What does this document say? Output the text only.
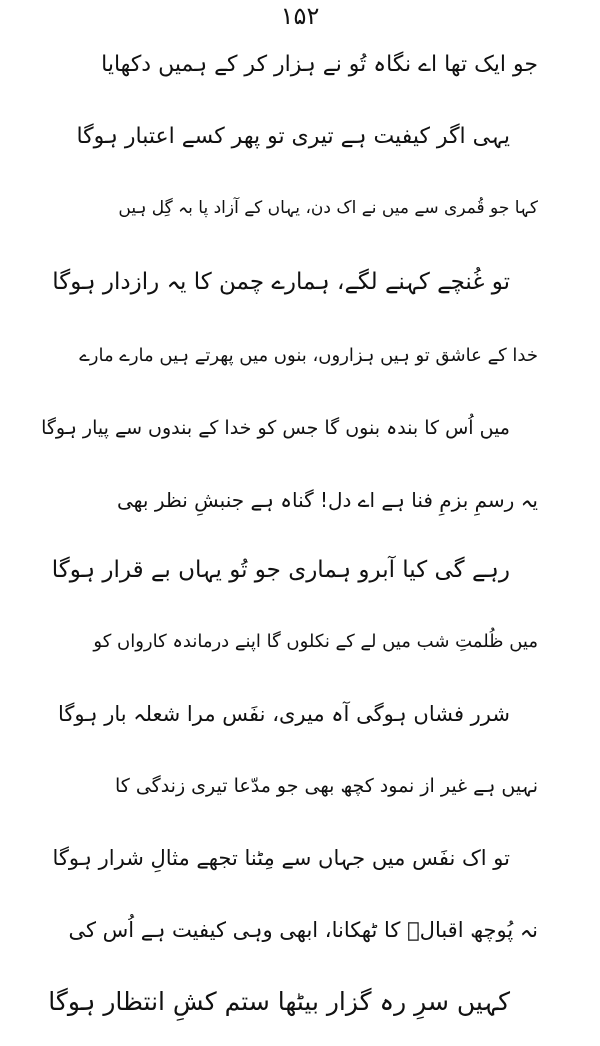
۱۵۲
جو ایک تھا اے نگاہ تُو نے ہزار کر کے ہمیں دکھایا
یہی اگر کیفیت ہے تیری تو پھر کسے اعتبار ہوگا
کہا جو قُمری سے میں نے اک دن، یہاں کے آزاد پا بہ گِل ہیں
تو غُنچے کہنے لگے، ہمارے چمن کا یہ رازدار ہوگا
خدا کے عاشق تو ہیں ہزاروں، بنوں میں پھرتے ہیں مارے مارے
میں اُس کا بندہ بنوں گا جس کو خدا کے بندوں سے پیار ہوگا
یہ رسمِ بزمِ فنا ہے اے دل! گناہ ہے جنبشِ نظر بھی
رہے گی کیا آبرو ہماری جو تُو یہاں بے قرار ہوگا
میں ظُلمتِ شب میں لے کے نکلوں گا اپنے درماندہ کارواں کو
شرر فشاں ہوگی آہ میری، نفَس مرا شعلہ بار ہوگا
نہیں ہے غیر از نمود کچھ بھی جو مدّعا تیری زندگی کا
تو اک نفَس میں جہاں سے مِٹنا تجھے مثالِ شرار ہوگا
نہ پُوچھ اقبالؔ کا ٹھکانا، ابھی وہی کیفیت ہے اُس کی
کہیں سرِ رہ گزار بیٹھا ستم کشِ انتظار ہوگا
